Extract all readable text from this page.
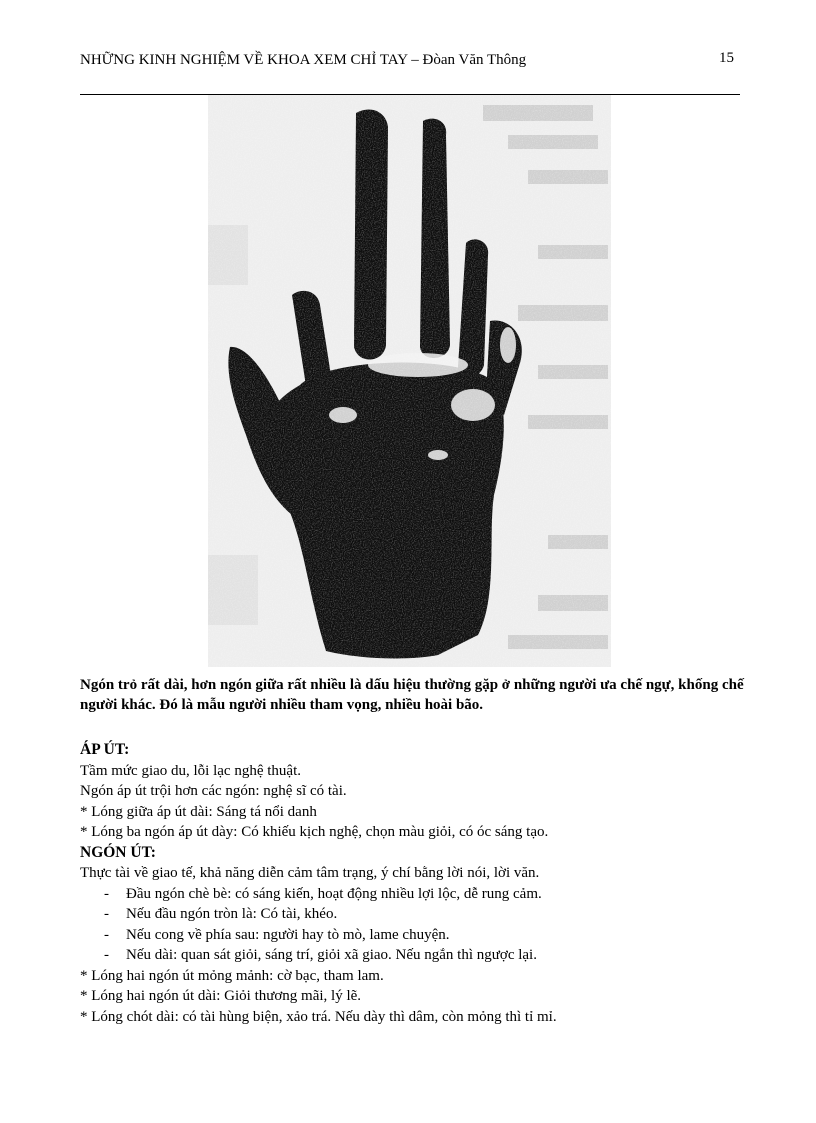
NHỮNG KINH NGHIỆM VỀ KHOA XEM CHỈ TAY – Đòan Văn Thông	15
Ngón trỏ rất dài, hơn ngón giữa rất nhiều là dấu hiệu thường gặp ở những người ưa chế ngự, khống chế người khác. Đó là mẫu người nhiều tham vọng, nhiều hoài bão.

ÁP ÚT:

Tầm mức giao du, lỗi lạc nghệ thuật.

Ngón áp út trội hơn các ngón: nghệ sĩ có tài.

* Lóng giữa áp út dài: Sáng tá nổi danh

* Lóng ba ngón áp út dày: Có khiếu kịch nghệ, chọn màu giỏi, có óc sáng tạo.

NGÓN ÚT:

Thực tài về giao tế, khả năng diễn cảm tâm trạng, ý chí bằng lời nói, lời văn.

- Đầu ngón chè bè: có sáng kiến, hoạt động nhiều lợi lộc, dễ rung cảm.
- Nếu đầu ngón tròn là: Có tài, khéo.
- Nếu cong về phía sau: người hay tò mò, lame chuyện.
- Nếu dài: quan sát giỏi, sáng trí, giỏi xã giao. Nếu ngắn thì ngược lại.

* Lóng hai ngón út mỏng mảnh: cờ bạc, tham lam.

* Lóng hai ngón út dài: Giỏi thương mãi, lý lẽ.

* Lóng chót dài: có tài hùng biện, xảo trá. Nếu dày thì dâm, còn mỏng thì tỉ mỉ.
